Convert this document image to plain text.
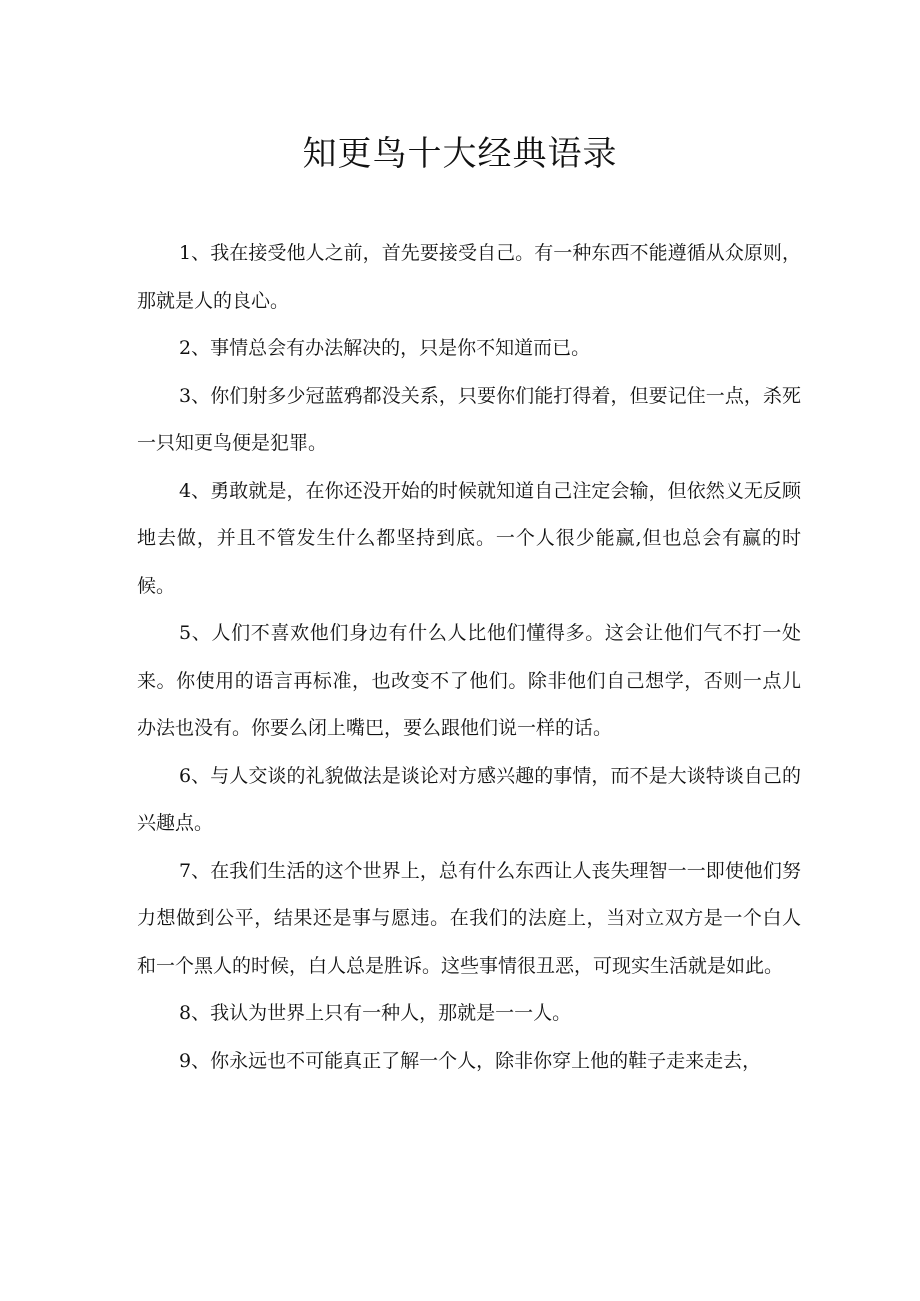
知更鸟十大经典语录

1、我在接受他人之前，首先要接受自己。有一种东西不能遵循从众原则，那就是人的良心。

2、事情总会有办法解决的，只是你不知道而已。

3、你们射多少冠蓝鸦都没关系，只要你们能打得着，但要记住一点，杀死一只知更鸟便是犯罪。

4、勇敢就是，在你还没开始的时候就知道自己注定会输，但依然义无反顾地去做，并且不管发生什么都坚持到底。一个人很少能赢,但也总会有赢的时候。

5、人们不喜欢他们身边有什么人比他们懂得多。这会让他们气不打一处来。你使用的语言再标准，也改变不了他们。除非他们自己想学，否则一点儿办法也没有。你要么闭上嘴巴，要么跟他们说一样的话。

6、与人交谈的礼貌做法是谈论对方感兴趣的事情，而不是大谈特谈自己的兴趣点。

7、在我们生活的这个世界上，总有什么东西让人丧失理智一一即使他们努力想做到公平，结果还是事与愿违。在我们的法庭上，当对立双方是一个白人和一个黑人的时候，白人总是胜诉。这些事情很丑恶，可现实生活就是如此。

8、我认为世界上只有一种人，那就是一一人。

9、你永远也不可能真正了解一个人，除非你穿上他的鞋子走来走去，
